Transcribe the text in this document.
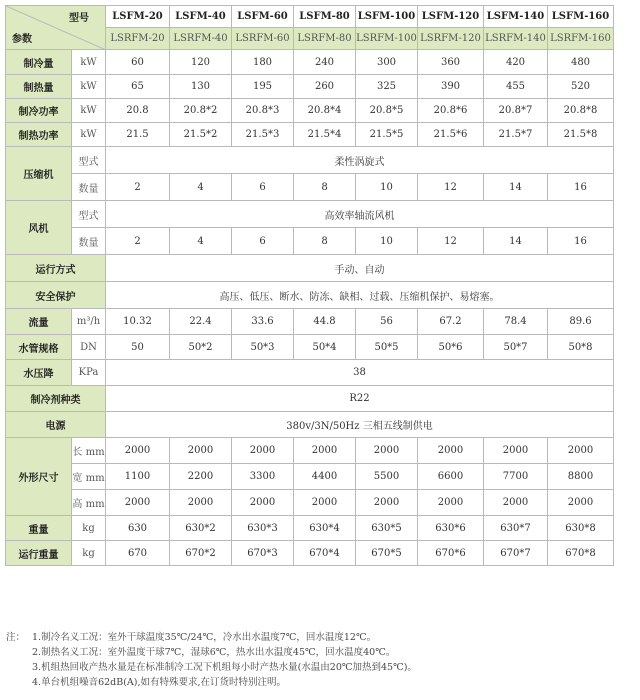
型号
参数		LSFM-20	LSFM-40	LSFM-60	LSFM-80	LSFM-100	LSFM-120	LSFM-140	LSFM-160
		LSRFM-20	LSRFM-40	LSRFM-60	LSRFM-80	LSRFM-100	LSRFM-120	LSRFM-140	LSRFM-160
制冷量	kW	60	120	180	240	300	360	420	480
制热量	kW	65	130	195	260	325	390	455	520
制冷功率	kW	20.8	20.8*2	20.8*3	20.8*4	20.8*5	20.8*6	20.8*7	20.8*8
制热功率	kW	21.5	21.5*2	21.5*3	21.5*4	21.5*5	21.5*6	21.5*7	21.5*8
压缩机	型式	柔性涡旋式							
	数量	2	4	6	8	10	12	14	16
风机	型式	高效率轴流风机							
	数量	2	4	6	8	10	12	14	16
运行方式		手动、自动							
安全保护		高压、低压、断水、防冻、缺相、过载、压缩机保护、易熔塞。							
流量	m³/h	10.32	22.4	33.6	44.8	56	67.2	78.4	89.6
水管规格	DN	50	50*2	50*3	50*4	50*5	50*6	50*7	50*8
水压降	KPa	38							
制冷剂种类		R22							
电源		380v/3N/50Hz 三相五线制供电							
外形尺寸	长 mm	2000	2000	2000	2000	2000	2000	2000	2000
	宽 mm	1100	2200	3300	4400	5500	6600	7700	8800
	高 mm	2000	2000	2000	2000	2000	2000	2000	2000
重量	kg	630	630*2	630*3	630*4	630*5	630*6	630*7	630*8
运行重量	kg	670	670*2	670*3	670*4	670*5	670*6	670*7	670*8
注： 1.制冷名义工况：室外干球温度35℃/24℃，冷水出水温度7℃，回水温度12℃。
2.制热名义工况：室外温度干球7℃，湿球6℃，热水出水温度45℃，回水温度40℃。
3.机组热回收产热水量是在标准制冷工况下机组每小时产热水量(水温由20℃加热到45℃)。
4.单台机组噪音62dB(A),如有特殊要求,在订货时特别注明。
